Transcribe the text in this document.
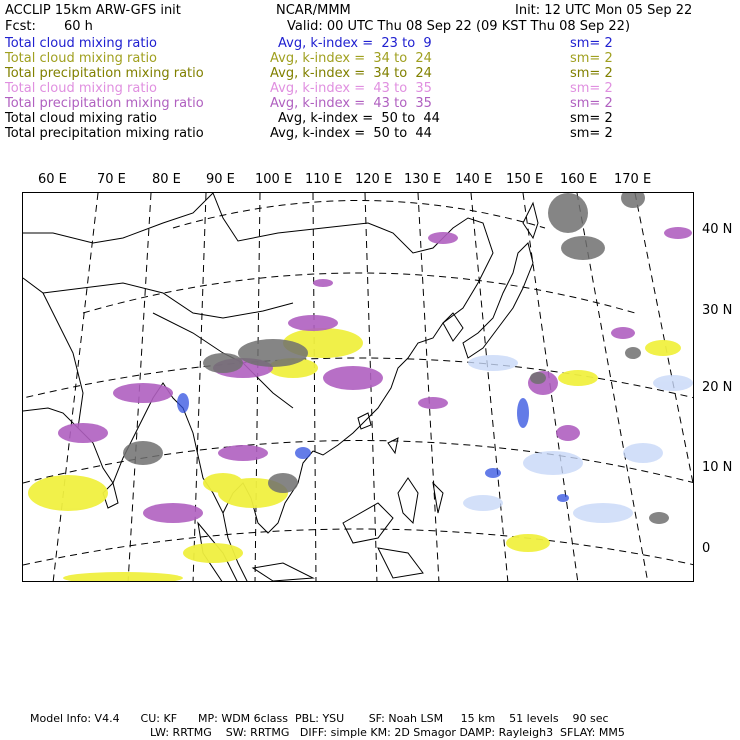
ACCLIP 15km ARW-GFS init	NCAR/MMM	Init: 12 UTC Mon 05 Sep 22
Fcst: 60 h	Valid: 00 UTC Thu 08 Sep 22 (09 KST Thu 08 Sep 22)
Total cloud mixing ratio	Avg, k-index =  23 to  9	sm= 2
Total cloud mixing ratio	Avg, k-index =  34 to  24	sm= 2
Total precipitation mixing ratio	Avg, k-index =  34 to  24	sm= 2
Total cloud mixing ratio	Avg, k-index =  43 to  35	sm= 2
Total precipitation mixing ratio	Avg, k-index =  43 to  35	sm= 2
Total cloud mixing ratio	Avg, k-index =  50 to  44	sm= 2
Total precipitation mixing ratio	Avg, k-index =  50 to  44	sm= 2
60 E 70 E 80 E 90 E 100 E 110 E 120 E 130 E 140 E 150 E 160 E 170 E
40 N
30 N
20 N
10 N
0
Model Info: V4.4      CU: KF      MP: WDM 6class  PBL: YSU       SF: Noah LSM     15 km    51 levels    90 sec
LW: RRTMG    SW: RRTMG   DIFF: simple KM: 2D Smagor DAMP: Rayleigh3  SFLAY: MM5
